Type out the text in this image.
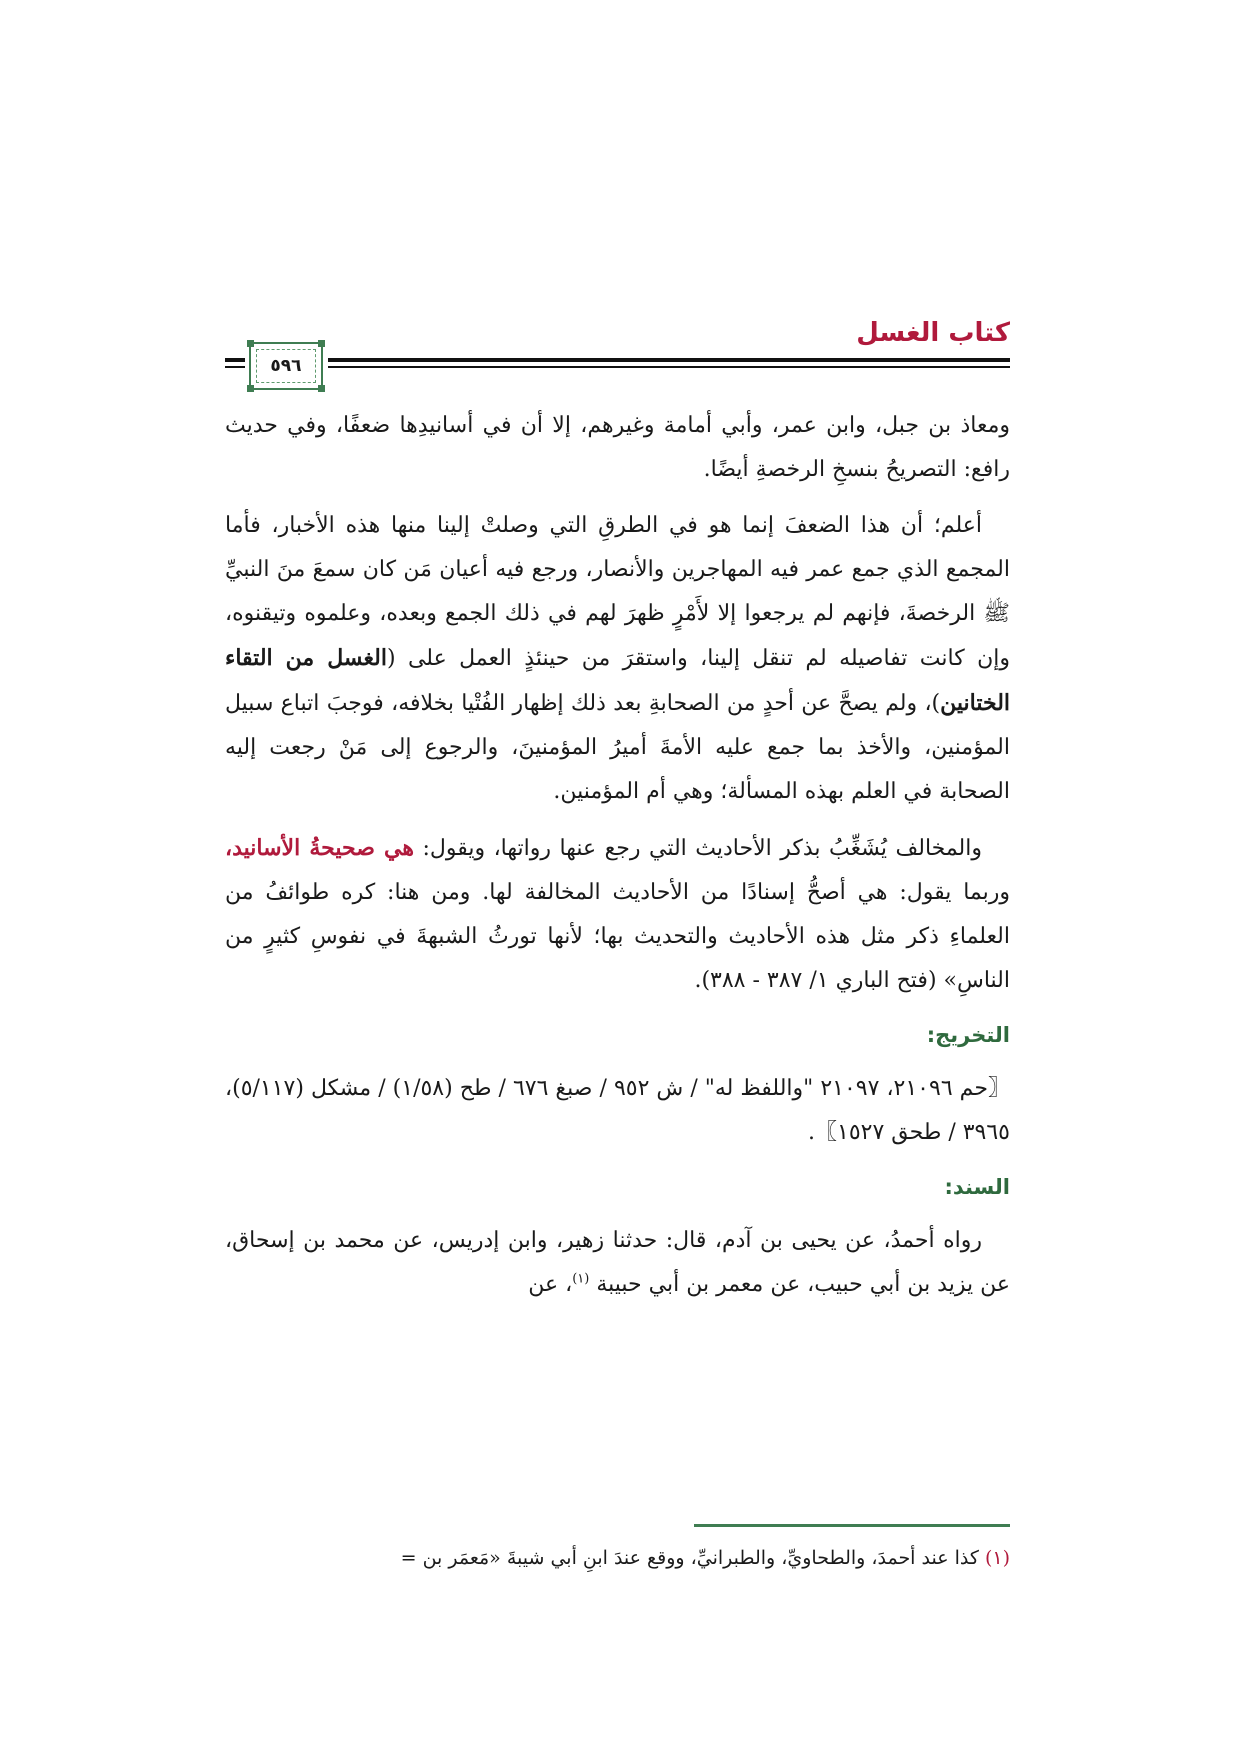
كتاب الغسل
٥٩٦

ومعاذ بن جبل، وابن عمر، وأبي أمامة وغيرهم، إلا أن في أسانيدِها ضعفًا، وفي حديث رافع: التصريحُ بنسخِ الرخصةِ أيضًا.

أعلم؛ أن هذا الضعفَ إنما هو في الطرقِ التي وصلتْ إلينا منها هذه الأخبار، فأما المجمع الذي جمع عمر فيه المهاجرين والأنصار، ورجع فيه أعيان مَن كان سمعَ منَ النبيِّ ﷺ الرخصةَ، فإنهم لم يرجعوا إلا لأَمْرٍ ظهرَ لهم في ذلك الجمع وبعده، وعلموه وتيقنوه، وإن كانت تفاصيله لم تنقل إلينا، واستقرَ من حينئذٍ العمل على (الغسل من التقاء الختانين)، ولم يصحَّ عن أحدٍ من الصحابةِ بعد ذلك إظهار الفُتْيا بخلافه، فوجبَ اتباع سبيل المؤمنين، والأخذ بما جمع عليه الأمةَ أميرُ المؤمنينَ، والرجوع إلى مَنْ رجعت إليه الصحابة في العلم بهذه المسألة؛ وهي أم المؤمنين.

والمخالف يُشَغِّبُ بذكر الأحاديث التي رجع عنها رواتها، ويقول: هي صحيحةُ الأسانيد، وربما يقول: هي أصحُّ إسنادًا من الأحاديث المخالفة لها. ومن هنا: كره طوائفُ من العلماءِ ذكر مثل هذه الأحاديث والتحديث بها؛ لأنها تورثُ الشبهةَ في نفوسِ كثيرٍ من الناسِ» (فتح الباري ١/ ٣٨٧ - ٣٨٨).

التخريج:

〖حم ٢١٠٩٦، ٢١٠٩٧ "واللفظ له" / ش ٩٥٢ / صبغ ٦٧٦ / طح (١/٥٨) / مشكل (٥/١١٧)، ٣٩٦٥ / طحق ١٥٢٧〗.

السند:

رواه أحمدُ، عن يحيى بن آدم، قال: حدثنا زهير، وابن إدريس، عن محمد بن إسحاق، عن يزيد بن أبي حبيب، عن معمر بن أبي حبيبة $^{(١)}$، عن

(١) كذا عند أحمدَ، والطحاويِّ، والطبرانيِّ، ووقع عندَ ابنِ أبي شيبةَ «مَعمَر بن =
